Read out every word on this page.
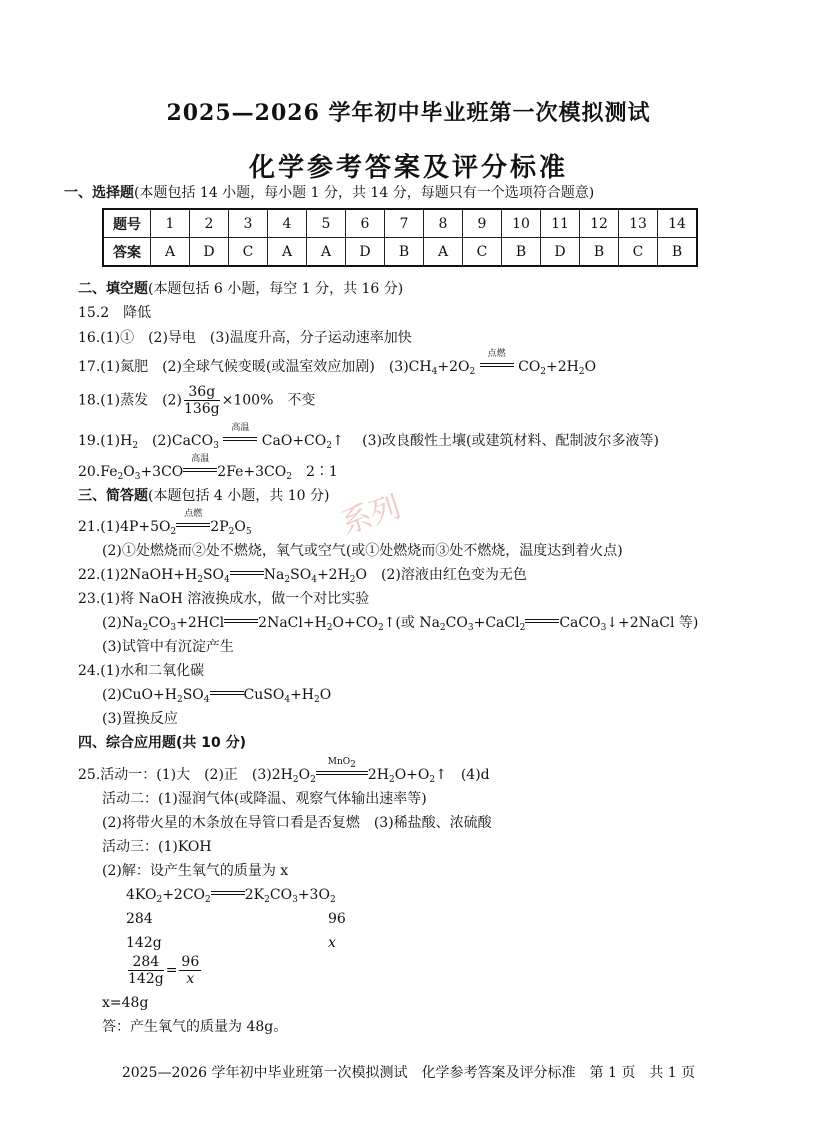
2025—2026 学年初中毕业班第一次模拟测试
化学参考答案及评分标准
一、选择题(本题包括 14 小题，每小题 1 分，共 14 分，每题只有一个选项符合题意)
题号	1	2	3	4	5	6	7	8	9	10	11	12	13	14
答案	A	D	C	A	A	D	B	A	C	B	D	B	C	B
二、填空题(本题包括 6 小题，每空 1 分，共 16 分)
15.2　降低
16.(1)①　(2)导电　(3)温度升高，分子运动速率加快
17.(1)氮肥　(2)全球气候变暖(或温室效应加剧)　$(3)CH_4+2O_2$
点燃
$CO_2+2H_2O$
18.(1)蒸发　$(2) \frac{36g}{136g} \times 100\%$　不变
$19.(1)H_2$　(2)CaCO$_3$
高温
$CaO+CO_2↑$　 (3)改良酸性土壤(或建筑材料、配制波尔多液等)
$20.Fe_2O_3+3CO$
高温
$2Fe+3CO_2$　 2∶1
三、简答题(本题包括 4 小题，共 10 分)
$21.(1)4P+5O_2$
点燃
$2P_2O_5$
(2)①处燃烧而②处不燃烧，氧气或空气(或①处燃烧而③处不燃烧，温度达到着火点)
$22.(1)2NaOH+H_2SO_4$ $Na_2SO_4+2H_2O$　(2)溶液由红色变为无色
23.(1)将 NaOH 溶液换成水，做一个对比实验
$(2)Na_2CO_3+2HCl$ $2NaCl+H_2O+CO_2↑$(或 $Na_2CO_3+CaCl_2$ CaCO$_3$↓+2NaCl 等)
(3)试管中有沉淀产生
24.(1)水和二氧化碳
$(2)CuO+H_2SO_4$ $CuSO_4+H_2O$
(3)置换反应
四、综合应用题(共 10 分)
25.活动一：(1)大　(2)正　$(3)2H_2O_2$
MnO$_2$
$2H_2O+O_2↑$　(4)d
活动二：(1)湿润气体(或降温、观察气体输出速率等)
(2)将带火星的木条放在导管口看是否复燃　(3)稀盐酸、浓硫酸
活动三：(1)KOH
(2)解：设产生氧气的质量为 x
$4KO_2+2CO_2$ $2K_2CO_3+3O_2$
284	96
142g	x
$\frac{284}{142g} = \frac{96}{x}$
x=48g
答：产生氧气的质量为 48g。
系列
2025—2026 学年初中毕业班第一次模拟测试　化学参考答案及评分标准　第 1 页　共 1 页
